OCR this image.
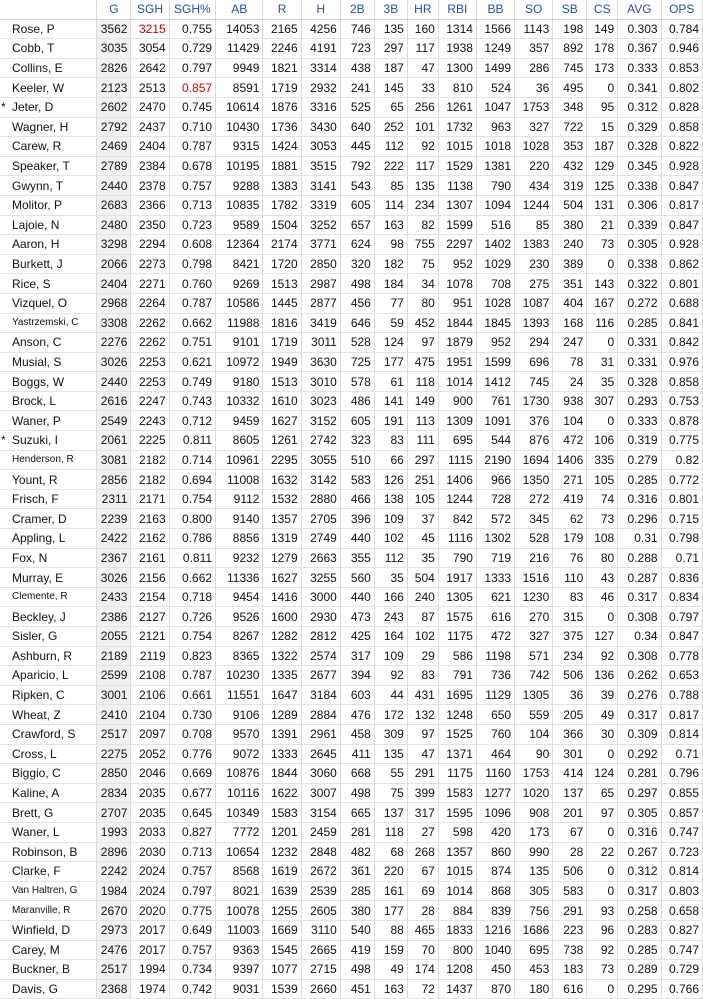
	G	SGH	SGH%	AB	R	H	2B	3B	HR	RBI	BB	SO	SB	CS	AVG	OPS
Rose, P	3562	3215	0.755	14053	2165	4256	746	135	160	1314	1566	1143	198	149	0.303	0.784
Cobb, T	3035	3054	0.729	11429	2246	4191	723	297	117	1938	1249	357	892	178	0.367	0.946
Collins, E	2826	2642	0.797	9949	1821	3314	438	187	47	1300	1499	286	745	173	0.333	0.853
Keeler, W	2123	2513	0.857	8591	1719	2932	241	145	33	810	524	36	495	0	0.341	0.802

* Jeter, D	2602	2470	0.745	10614	1876	3316	525	65	256	1261	1047	1753	348	95	0.312	0.828
Wagner, H	2792	2437	0.710	10430	1736	3430	640	252	101	1732	963	327	722	15	0.329	0.858
Carew, R	2469	2404	0.787	9315	1424	3053	445	112	92	1015	1018	1028	353	187	0.328	0.822
Speaker, T	2789	2384	0.678	10195	1881	3515	792	222	117	1529	1381	220	432	129	0.345	0.928
Gwynn, T	2440	2378	0.757	9288	1383	3141	543	85	135	1138	790	434	319	125	0.338	0.847
Molitor, P	2683	2366	0.713	10835	1782	3319	605	114	234	1307	1094	1244	504	131	0.306	0.817
Lajoie, N	2480	2350	0.723	9589	1504	3252	657	163	82	1599	516	85	380	21	0.339	0.847
Aaron, H	3298	2294	0.608	12364	2174	3771	624	98	755	2297	1402	1383	240	73	0.305	0.928
Burkett, J	2066	2273	0.798	8421	1720	2850	320	182	75	952	1029	230	389	0	0.338	0.862
Rice, S	2404	2271	0.760	9269	1513	2987	498	184	34	1078	708	275	351	143	0.322	0.801
Vizquel, O	2968	2264	0.787	10586	1445	2877	456	77	80	951	1028	1087	404	167	0.272	0.688
Yastrzemski, C	3308	2262	0.662	11988	1816	3419	646	59	452	1844	1845	1393	168	116	0.285	0.841
Anson, C	2276	2262	0.751	9101	1719	3011	528	124	97	1879	952	294	247	0	0.331	0.842
Musial, S	3026	2253	0.621	10972	1949	3630	725	177	475	1951	1599	696	78	31	0.331	0.976
Boggs, W	2440	2253	0.749	9180	1513	3010	578	61	118	1014	1412	745	24	35	0.328	0.858
Brock, L	2616	2247	0.743	10332	1610	3023	486	141	149	900	761	1730	938	307	0.293	0.753
Waner, P	2549	2243	0.712	9459	1627	3152	605	191	113	1309	1091	376	104	0	0.333	0.878

* Suzuki, I	2061	2225	0.811	8605	1261	2742	323	83	111	695	544	876	472	106	0.319	0.775
Henderson, R	3081	2182	0.714	10961	2295	3055	510	66	297	1115	2190	1694	1406	335	0.279	0.82
Yount, R	2856	2182	0.694	11008	1632	3142	583	126	251	1406	966	1350	271	105	0.285	0.772
Frisch, F	2311	2171	0.754	9112	1532	2880	466	138	105	1244	728	272	419	74	0.316	0.801
Cramer, D	2239	2163	0.800	9140	1357	2705	396	109	37	842	572	345	62	73	0.296	0.715
Appling, L	2422	2162	0.786	8856	1319	2749	440	102	45	1116	1302	528	179	108	0.31	0.798
Fox, N	2367	2161	0.811	9232	1279	2663	355	112	35	790	719	216	76	80	0.288	0.71
Murray, E	3026	2156	0.662	11336	1627	3255	560	35	504	1917	1333	1516	110	43	0.287	0.836
Clemente, R	2433	2154	0.718	9454	1416	3000	440	166	240	1305	621	1230	83	46	0.317	0.834
Beckley, J	2386	2127	0.726	9526	1600	2930	473	243	87	1575	616	270	315	0	0.308	0.797
Sisler, G	2055	2121	0.754	8267	1282	2812	425	164	102	1175	472	327	375	127	0.34	0.847
Ashburn, R	2189	2119	0.823	8365	1322	2574	317	109	29	586	1198	571	234	92	0.308	0.778
Aparicio, L	2599	2108	0.787	10230	1335	2677	394	92	83	791	736	742	506	136	0.262	0.653
Ripken, C	3001	2106	0.661	11551	1647	3184	603	44	431	1695	1129	1305	36	39	0.276	0.788
Wheat, Z	2410	2104	0.730	9106	1289	2884	476	172	132	1248	650	559	205	49	0.317	0.817
Crawford, S	2517	2097	0.708	9570	1391	2961	458	309	97	1525	760	104	366	30	0.309	0.814
Cross, L	2275	2052	0.776	9072	1333	2645	411	135	47	1371	464	90	301	0	0.292	0.71
Biggio, C	2850	2046	0.669	10876	1844	3060	668	55	291	1175	1160	1753	414	124	0.281	0.796
Kaline, A	2834	2035	0.677	10116	1622	3007	498	75	399	1583	1277	1020	137	65	0.297	0.855
Brett, G	2707	2035	0.645	10349	1583	3154	665	137	317	1595	1096	908	201	97	0.305	0.857
Waner, L	1993	2033	0.827	7772	1201	2459	281	118	27	598	420	173	67	0	0.316	0.747
Robinson, B	2896	2030	0.713	10654	1232	2848	482	68	268	1357	860	990	28	22	0.267	0.723
Clarke, F	2242	2024	0.757	8568	1619	2672	361	220	67	1015	874	135	506	0	0.312	0.814
Van Haltren, G	1984	2024	0.797	8021	1639	2539	285	161	69	1014	868	305	583	0	0.317	0.803
Maranville, R	2670	2020	0.775	10078	1255	2605	380	177	28	884	839	756	291	93	0.258	0.658
Winfield, D	2973	2017	0.649	11003	1669	3110	540	88	465	1833	1216	1686	223	96	0.283	0.827
Carey, M	2476	2017	0.757	9363	1545	2665	419	159	70	800	1040	695	738	92	0.285	0.747
Buckner, B	2517	1994	0.734	9397	1077	2715	498	49	174	1208	450	453	183	73	0.289	0.729
Davis, G	2368	1974	0.742	9031	1539	2660	451	163	72	1437	870	180	616	0	0.295	0.766
